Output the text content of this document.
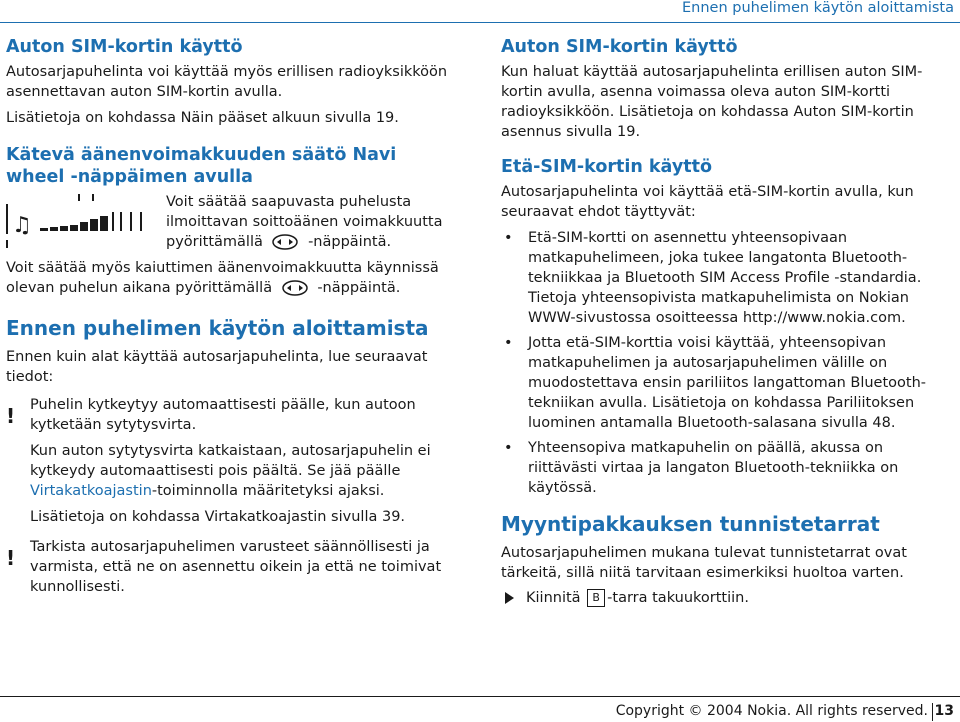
Ennen puhelimen käytön aloittamista
Auton SIM-kortin käyttö

Autosarjapuhelinta voi käyttää myös erillisen radioyksikköön asennettavan auton SIM-kortin avulla.

Lisätietoja on kohdassa Näin pääset alkuun sivulla 19.

Kätevä äänenvoimakkuuden säätö Navi wheel -näppäimen avulla
♫

Voit säätää saapuvasta puhelusta ilmoittavan soittoäänen voimakkuutta pyörittämällä	-näppäintä.

Voit säätää myös kaiuttimen äänenvoimakkuutta käynnissä olevan puhelun aikana pyörittämällä	-näppäintä.

Ennen puhelimen käytön aloittamista

Ennen kuin alat käyttää autosarjapuhelinta, lue seuraavat tiedot:

!	Puhelin kytkeytyy automaattisesti päälle, kun autoon kytketään sytytysvirta.

Kun auton sytytysvirta katkaistaan, autosarjapuhelin ei kytkeydy automaattisesti pois päältä. Se jää päälle Virtakatkoajastin-toiminnolla määritetyksi ajaksi.

Lisätietoja on kohdassa Virtakatkoajastin sivulla 39.

!	Tarkista autosarjapuhelimen varusteet säännöllisesti ja varmista, että ne on asennettu oikein ja että ne toimivat kunnollisesti.

Auton SIM-kortin käyttö

Kun haluat käyttää autosarjapuhelinta erillisen auton SIM-kortin avulla, asenna voimassa oleva auton SIM-kortti radioyksikköön. Lisätietoja on kohdassa Auton SIM-kortin asennus sivulla 19.

Etä-SIM-kortin käyttö

Autosarjapuhelinta voi käyttää etä-SIM-kortin avulla, kun seuraavat ehdot täyttyvät:

• Etä-SIM-kortti on asennettu yhteensopivaan matkapuhelimeen, joka tukee langatonta Bluetooth-tekniikkaa ja Bluetooth SIM Access Profile -standardia. Tietoja yhteensopivista matkapuhelimista on Nokian WWW-sivustossa osoitteessa http://www.nokia.com.
• Jotta etä-SIM-korttia voisi käyttää, yhteensopivan matkapuhelimen ja autosarjapuhelimen välille on muodostettava ensin pariliitos langattoman Bluetooth-tekniikan avulla. Lisätietoja on kohdassa Pariliitoksen luominen antamalla Bluetooth-salasana sivulla 48.
• Yhteensopiva matkapuhelin on päällä, akussa on riittävästi virtaa ja langaton Bluetooth-tekniikka on käytössä.
Myyntipakkauksen tunnistetarrat

Autosarjapuhelimen mukana tulevat tunnistetarrat ovat tärkeitä, sillä niitä tarvitaan esimerkiksi huoltoa varten.

Kiinnitä
	B -tarra takuukorttiin.
Copyright © 2004 Nokia. All rights reserved. 13
